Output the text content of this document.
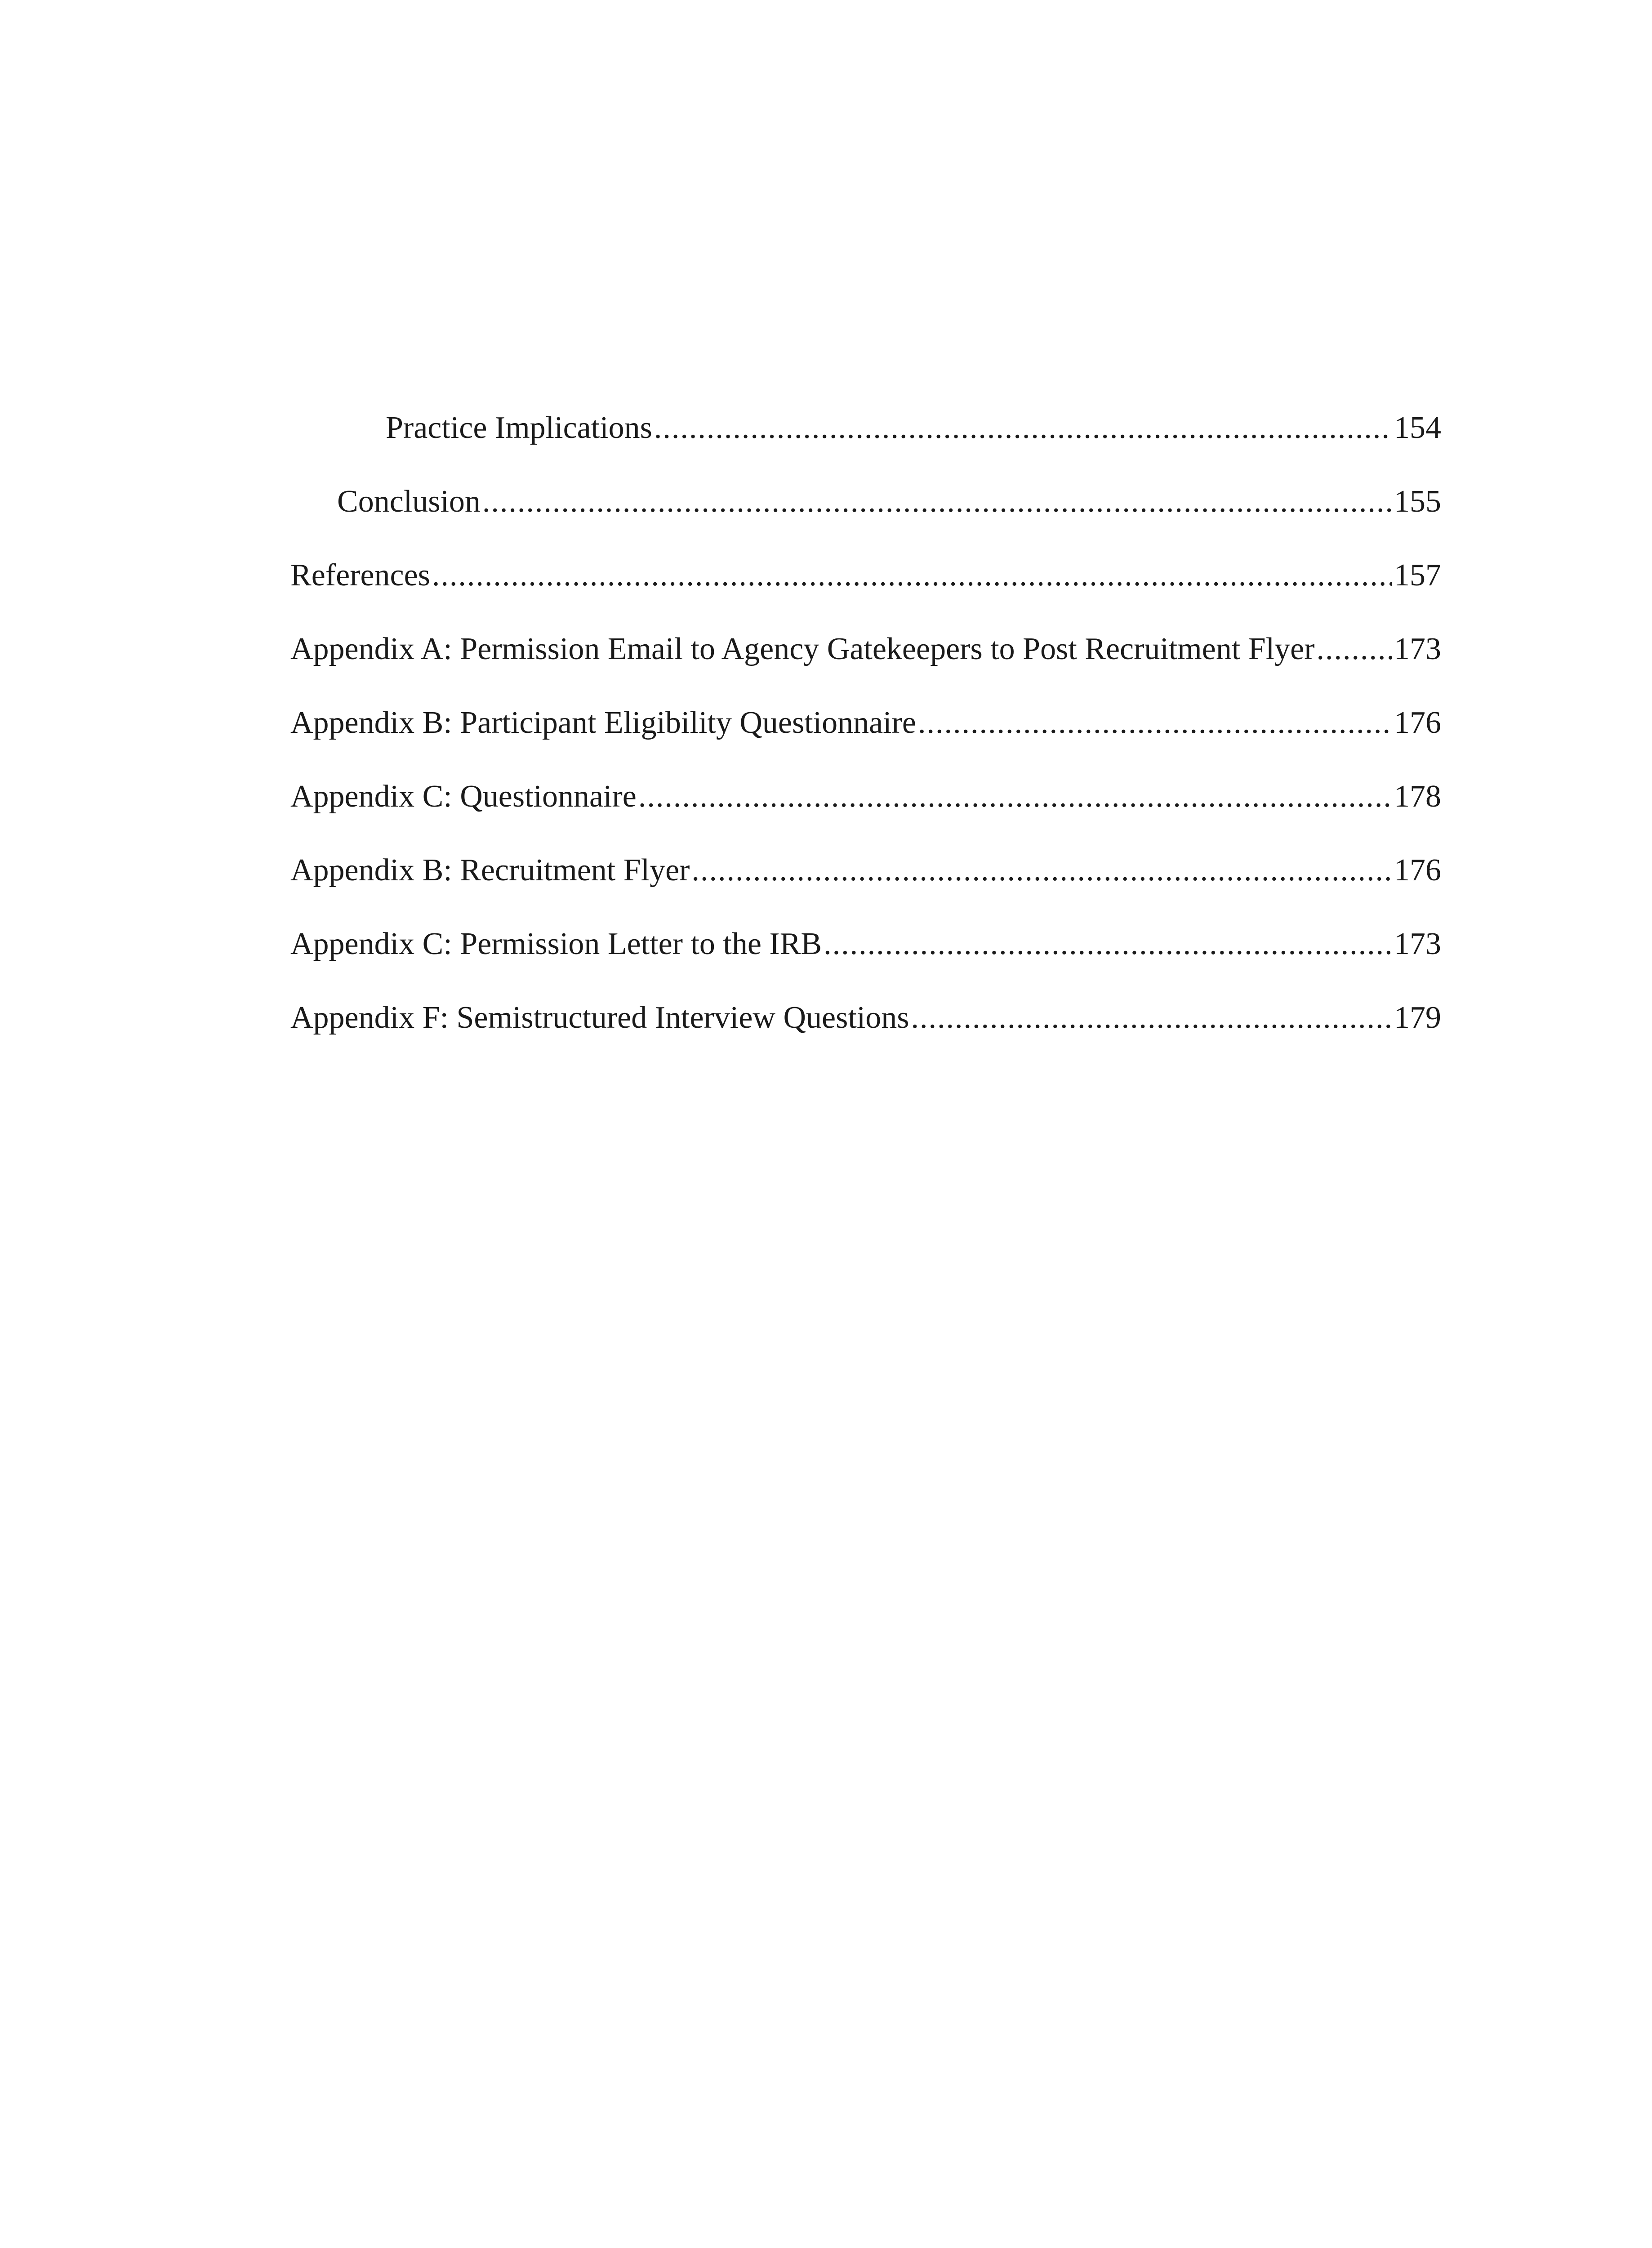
Practice Implications .....	154
Conclusion .....	155
References .....	157
Appendix A: Permission Email to Agency Gatekeepers to Post Recruitment Flyer .....	173
Appendix B: Participant Eligibility Questionnaire .....	176
Appendix C: Questionnaire .....	178
Appendix B: Recruitment Flyer .....	176
Appendix C: Permission Letter to the IRB .....	173
Appendix F: Semistructured Interview Questions .....	179
